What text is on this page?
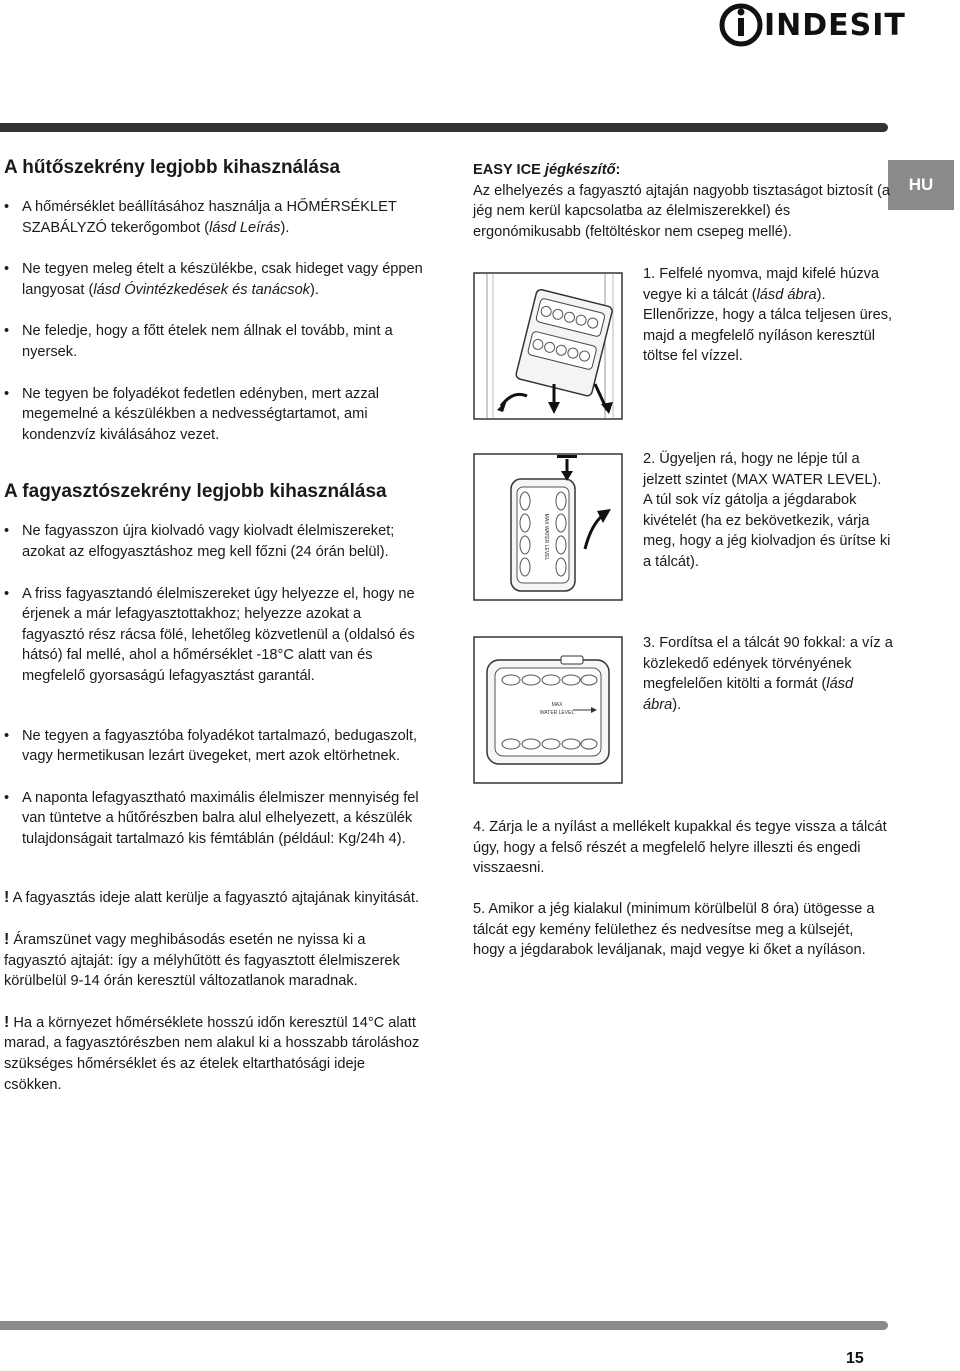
INDESIT
HU
A hűtőszekrény legjobb kihasználása
• A hőmérséklet beállításához használja a HŐMÉRSÉKLET SZABÁLYZÓ tekerőgombot (lásd Leírás).
• Ne tegyen meleg ételt a készülékbe, csak hideget vagy éppen langyosat (lásd Óvintézkedések és tanácsok).
• Ne feledje, hogy a főtt ételek nem állnak el tovább, mint a nyersek.
• Ne tegyen be folyadékot fedetlen edényben, mert azzal megemelné a készülékben a nedvességtartamot, ami kondenzvíz kiválásához vezet.
A fagyasztószekrény legjobb kihasználása
• Ne fagyasszon újra kiolvadó vagy kiolvadt élelmiszereket; azokat az elfogyasztáshoz meg kell főzni (24 órán belül).
• A friss fagyasztandó élelmiszereket úgy helyezze el, hogy ne érjenek a már lefagyasztottakhoz; helyezze azokat a fagyasztó rész rácsa fölé, lehetőleg közvetlenül a (oldalsó és hátsó) fal mellé, ahol a hőmérséklet -18°C alatt van és megfelelő gyorsaságú lefagyasztást garantál.
• Ne tegyen a fagyasztóba folyadékot tartalmazó, bedugaszolt, vagy hermetikusan lezárt üvegeket, mert azok eltörhetnek.
• A naponta lefagyasztható maximális élelmiszer mennyiség fel van tüntetve a hűtőrészben balra alul elhelyezett, a készülék tulajdonságait tartalmazó kis fémtáblán (például: Kg/24h 4).

! A fagyasztás ideje alatt kerülje a fagyasztó ajtajának kinyitását.

! Áramszünet vagy meghibásodás esetén ne nyissa ki a fagyasztó ajtaját: így a mélyhűtött és fagyasztott élelmiszerek körülbelül 9-14 órán keresztül változatlanok maradnak.

! Ha a környezet hőmérséklete hosszú időn keresztül 14°C alatt marad, a fagyasztórészben nem alakul ki a hosszabb tároláshoz szükséges hőmérséklet és az ételek eltarthatósági ideje csökken.

EASY ICE jégkészítő:

Az elhelyezés a fagyasztó ajtaján nagyobb tisztaságot biztosít (a jég nem kerül kapcsolatba az élelmiszerekkel) és ergonómikusabb (feltöltéskor nem csepeg mellé).

1. Felfelé nyomva, majd kifelé húzva vegye ki a tálcát (lásd ábra).

Ellenőrizze, hogy a tálca teljesen üres, majd a megfelelő nyíláson keresztül töltse fel vízzel.

MAX WATER LEVEL
2. Ügyeljen rá, hogy ne lépje túl a jelzett szintet (MAX WATER LEVEL). A túl sok víz gátolja a jégdarabok kivételét (ha ez bekövetkezik, várja meg, hogy a jég kiolvadjon és ürítse ki a tálcát).
MAX
WATER LEVEL

3. Fordítsa el a tálcát 90 fokkal: a víz a közlekedő edények törvényének megfelelően kitölti a formát (lásd ábra).

4. Zárja le a nyílást a mellékelt kupakkal és tegye vissza a tálcát úgy, hogy a felső részét a megfelelő helyre illeszti és engedi visszaesni.
5. Amikor a jég kialakul (minimum körülbelül 8 óra) ütögesse a tálcát egy kemény felülethez és nedvesítse meg a külsejét, hogy a jégdarabok leváljanak, majd vegye ki őket a nyíláson.
15
